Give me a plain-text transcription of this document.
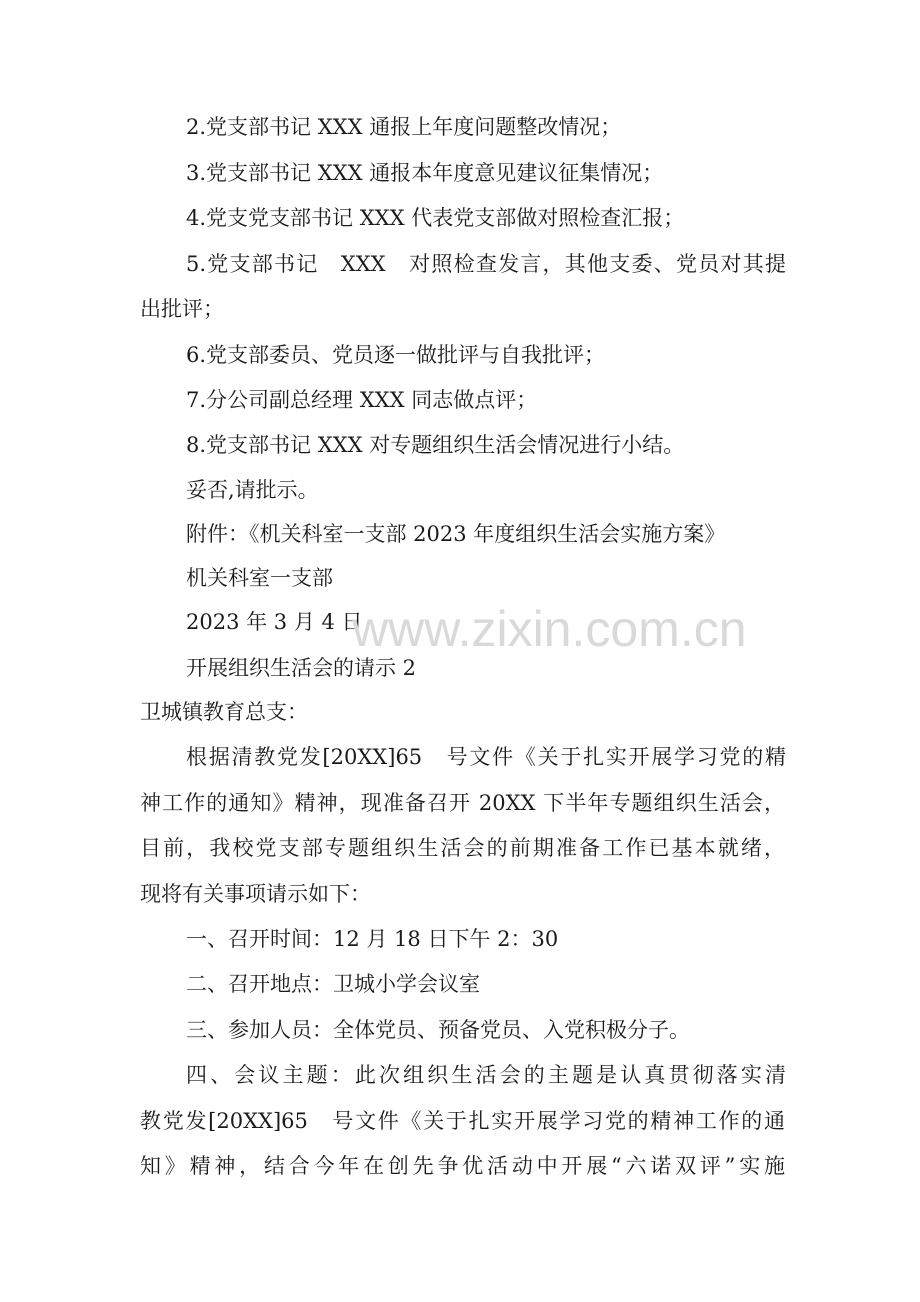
2.党支部书记 XXX 通报上年度问题整改情况；
3.党支部书记 XXX 通报本年度意见建议征集情况；
4.党支党支部书记 XXX 代表党支部做对照检查汇报；
5.党支部书记　XXX　对照检查发言，其他支委、党员对其提
出批评；
6.党支部委员、党员逐一做批评与自我批评；
7.分公司副总经理 XXX 同志做点评；
8.党支部书记 XXX 对专题组织生活会情况进行小结。
妥否,请批示。
附件：《机关科室一支部 2023 年度组织生活会实施方案》
机关科室一支部
2023 年 3 月 4 日
开展组织生活会的请示 2
卫城镇教育总支：
根据清教党发[20XX]65　号文件《关于扎实开展学习党的精
神工作的通知》精神，现准备召开 20XX 下半年专题组织生活会，
目前，我校党支部专题组织生活会的前期准备工作已基本就绪，
现将有关事项请示如下：
一、召开时间：12 月 18 日下午 2：30
二、召开地点：卫城小学会议室
三、参加人员：全体党员、预备党员、入党积极分子。
四、会议主题：此次组织生活会的主题是认真贯彻落实清
教党发[20XX]65　号文件《关于扎实开展学习党的精神工作的通
知》精神，结合今年在创先争优活动中开展“六诺双评”实施
www.zixin.com.cn
